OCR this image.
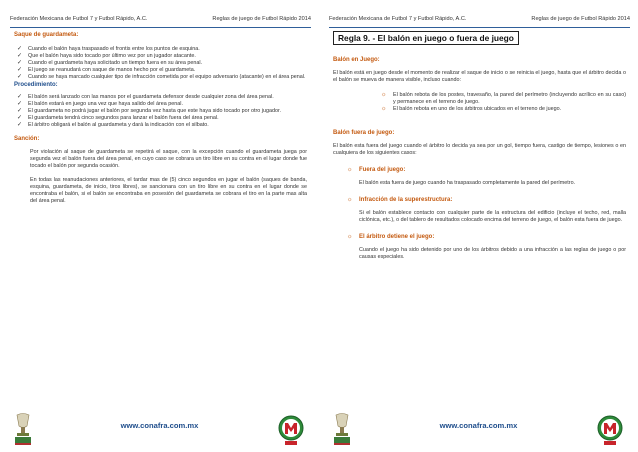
Federación Mexicana de Futbol 7 y Futbol Rápido, A.C.	Reglas de juego de Futbol Rápido 2014
Saque de guardameta:
✓ Cuando el balón haya traspasado el frontis entre los puntos de esquina.
✓ Que el balón haya sido tocado por último vez por un jugador atacante.
✓ Cuando el guardameta haya solicitado un tiempo fuera en su área penal.
✓ El juego se reanudará con saque de manos hecho por el guardameta.
✓ Cuando se haya marcado cualquier tipo de infracción cometida por el equipo adversario (atacante) en el área penal.
Procedimiento:
✓ El balón será lanzado con las manos por el guardameta defensor desde cualquier zona del área penal.
✓ El balón estará en juego una vez que haya salido del área penal.
✓ El guardameta no podrá jugar el balón por segunda vez hasta que este haya sido tocado por otro jugador.
✓ El guardameta tendrá cinco segundos para lanzar el balón fuera del área penal.
✓ El árbitro obligará el balón al guardameta y dará la indicación con el silbato.
Sanción:
Por violación al saque de guardameta se repetirá el saque, con la excepción cuando el guardameta juega por segunda vez el balón fuera del área penal, en cuyo caso se cobrara un tiro libre en su contra en el lugar donde fue tocado el balón por segunda ocasión.
En todas las reanudaciones anteriores, el tardar mas de (5) cinco segundos en jugar el balón (saques de banda, esquina, guardameta, de inicio, tiros libres), se sancionara con un tiro libre en su contra en el lugar donde se encontraba el balón, si el balón se encontraba en posesión del guardameta se cobrara el tiro en la parte mas alta del área penal.
www.conafra.com.mx
Federación Mexicana de Futbol 7 y Futbol Rápido, A.C.	Reglas de juego de Futbol Rápido 2014
Regla 9. - El balón en juego o fuera de juego
Balón en Juego:
El balón está en juego desde el momento de realizar el saque de inicio o se reinicia el juego, hasta que el árbitro decida o el balón se mueva de manera visible, incluso cuando:
☼ El balón rebota de los postes, travesaño, la pared del perímetro (incluyendo acrílico en su caso) y permanece en el terreno de juego.
☼ El balón rebota en uno de los árbitros ubicados en el terreno de juego.
Balón fuera de juego:
El balón esta fuera del juego cuando el árbitro lo decida ya sea por un gol, tiempo fuera, castigo de tiempo, lesiones o en cualquiera de los siguientes casos:
☼ Fuera del juego:
El balón esta fuera de juego cuando ha traspasado completamente la pared del perímetro.
☼ Infracción de la superestructura:
Si el balón establece contacto con cualquier parte de la estructura del edificio (incluye el techo, red, malla ciclónica, etc.), o del tablero de resultados colocado encima del terreno de juego, el balón esta fuera de juego.
☼ El árbitro detiene el juego:
Cuando el juego ha sido detenido por uno de los árbitros debido a una infracción a las reglas de juego o por causas especiales.
www.conafra.com.mx
